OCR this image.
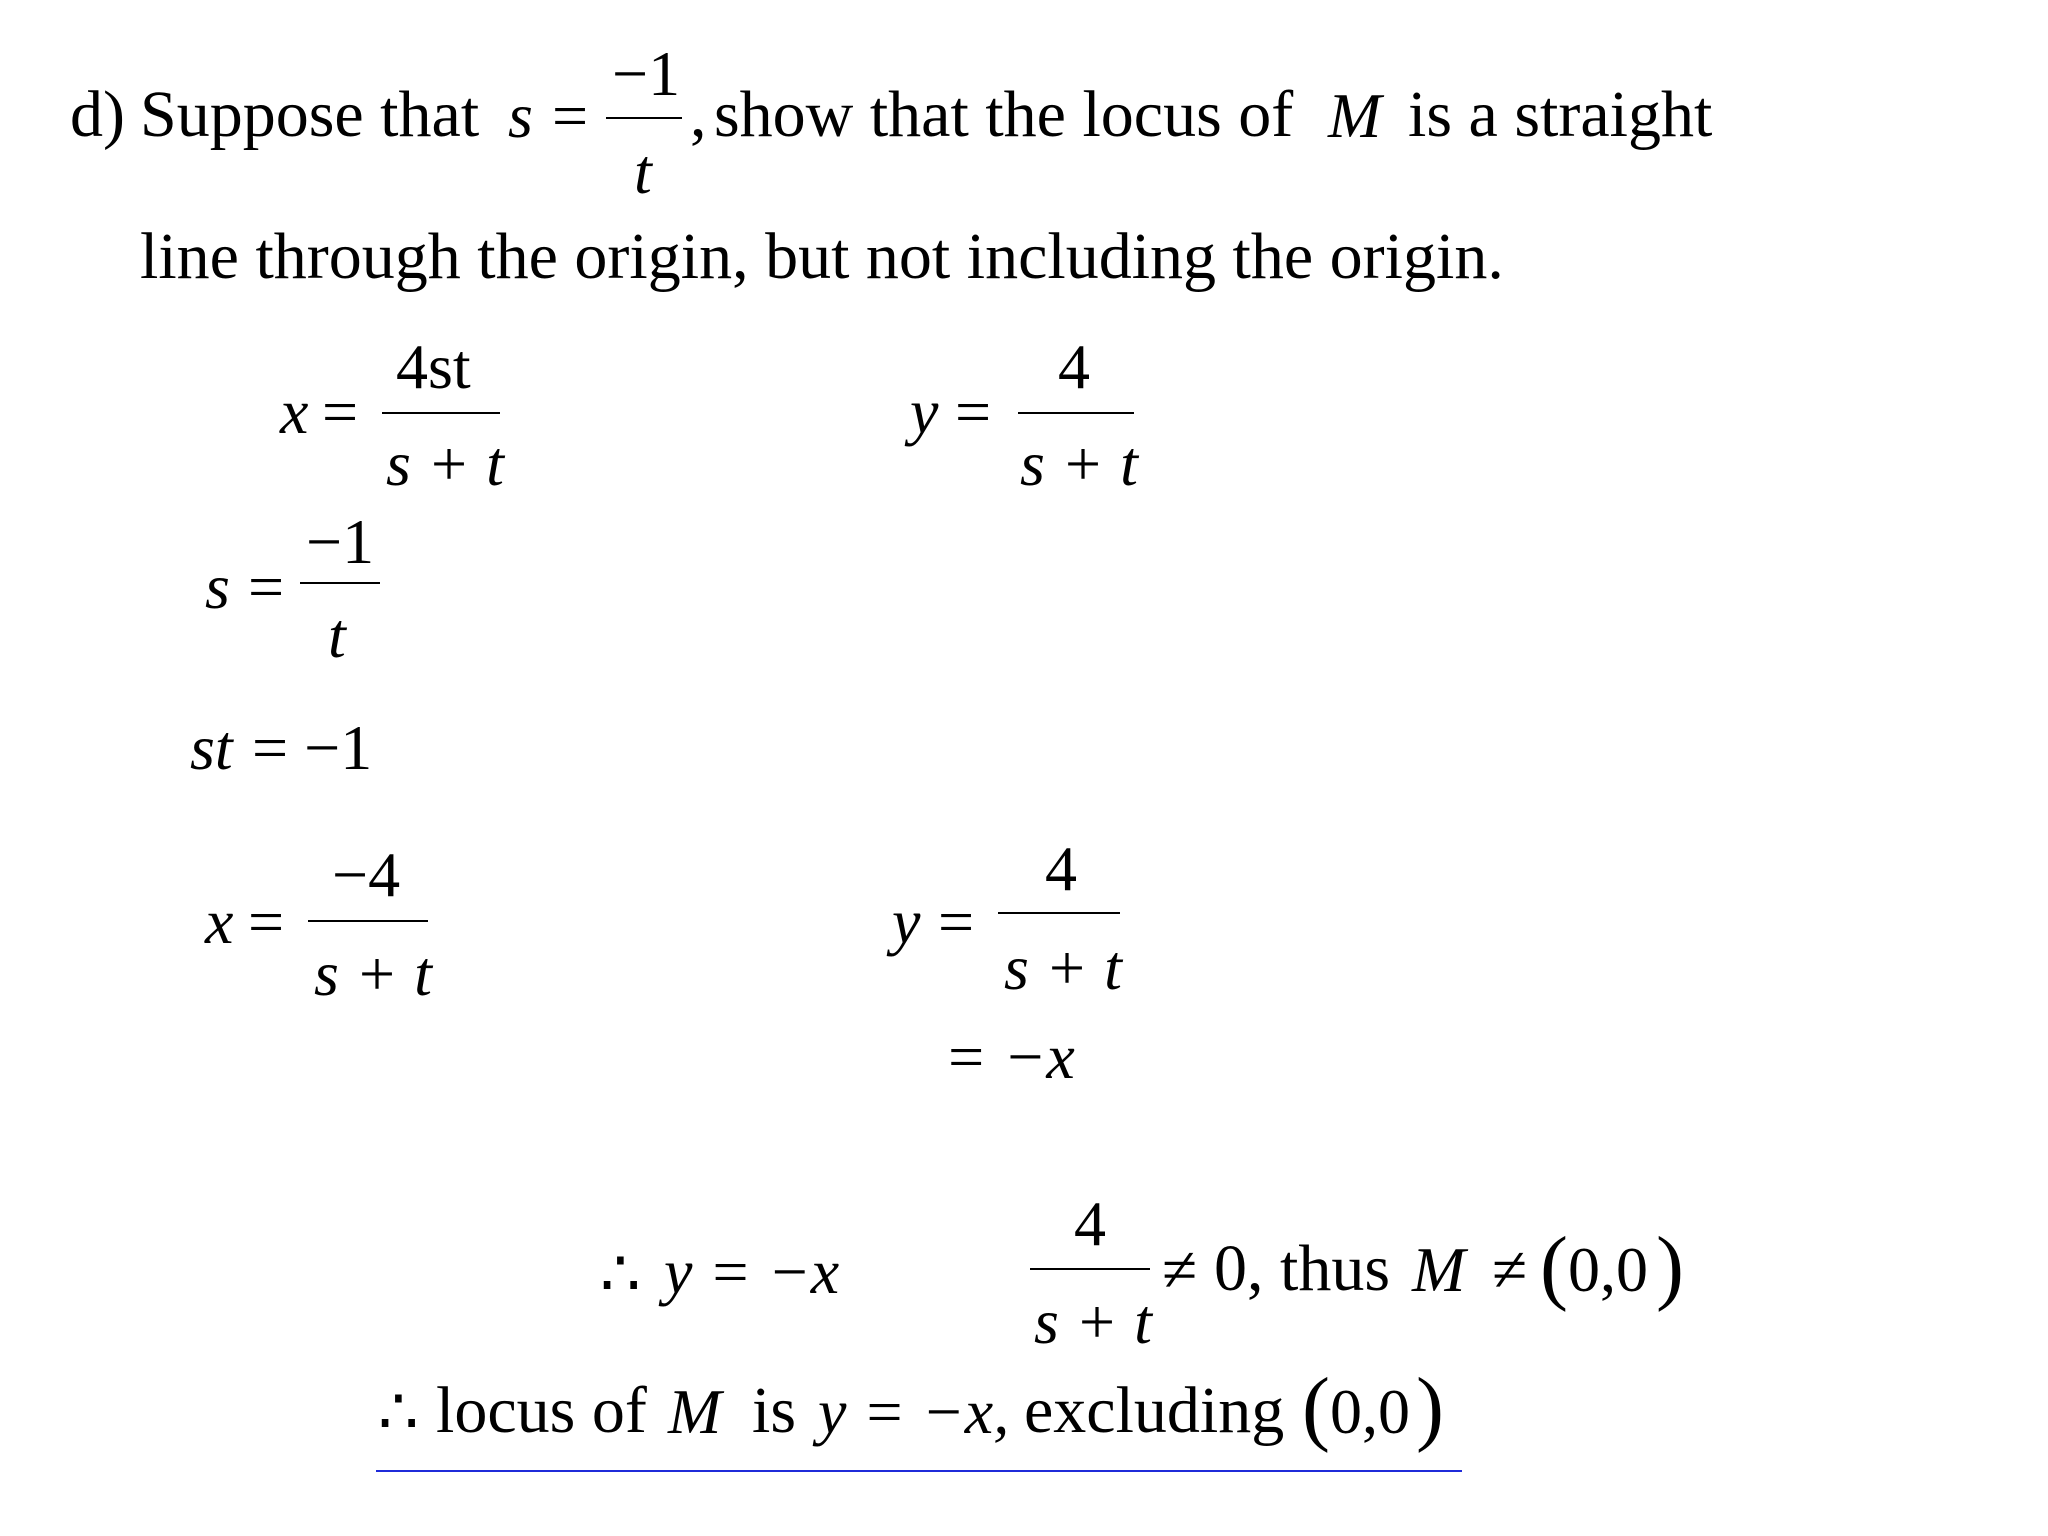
d) Suppose that s =
−1
t
, show that the locus of M is a straight
line through the origin, but not including the origin.
x =
4st
s + t
y =
4
s + t
s =
−1
t
st = −1
x =
−4
s + t
y =
4
s + t
= −x
∴ y = −x
4
s + t
≠ 0, thus M ≠ ( 0,0 )
∴ locus of M is y = −x, excluding ( 0,0 )
